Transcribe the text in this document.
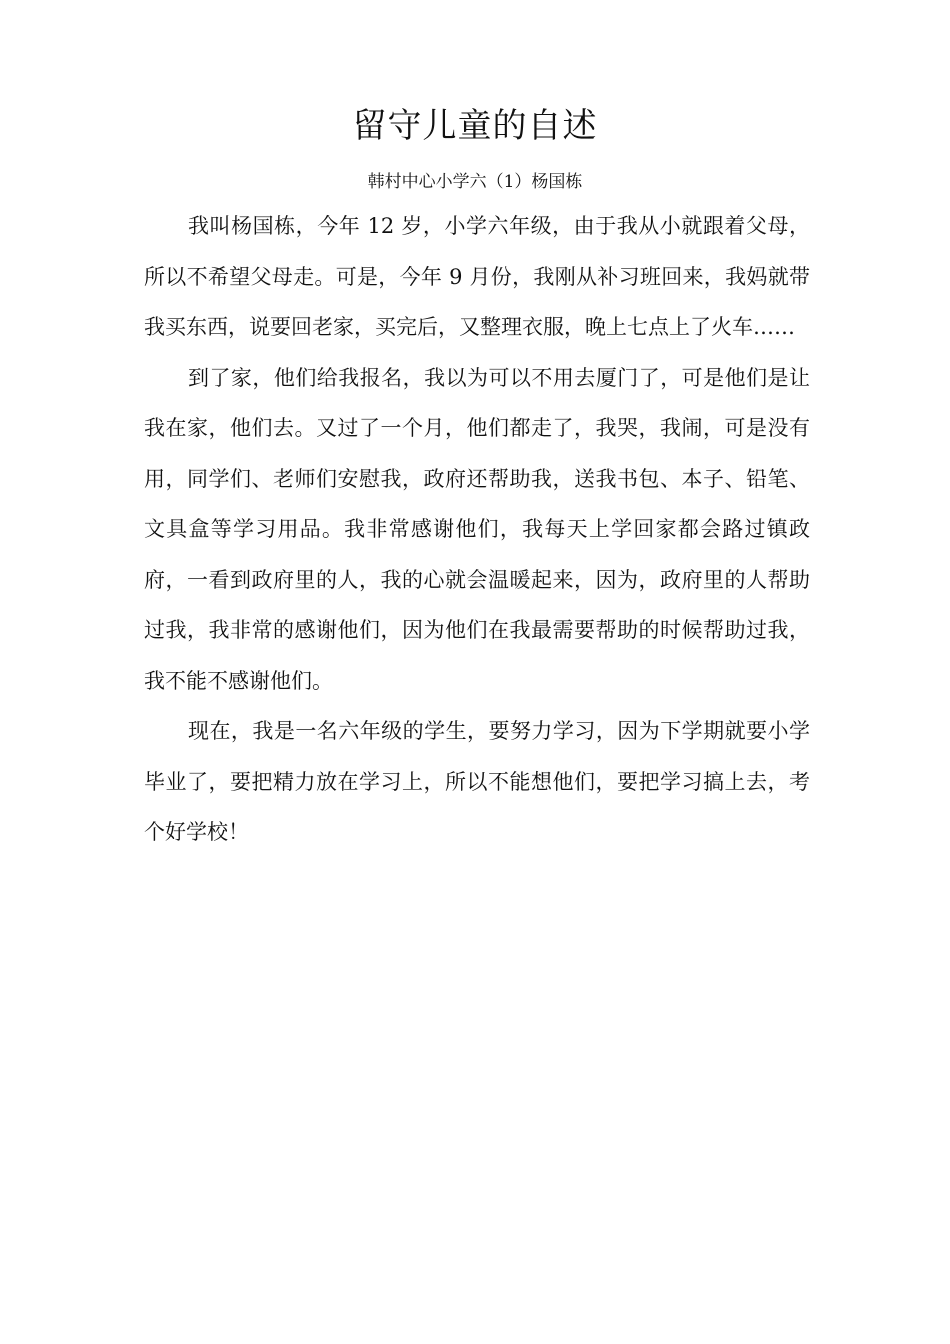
留守儿童的自述
韩村中心小学六（1）杨国栋

我叫杨国栋，今年 12 岁，小学六年级，由于我从小就跟着父母，所以不希望父母走。可是，今年 9 月份，我刚从补习班回来，我妈就带我买东西，说要回老家，买完后，又整理衣服，晚上七点上了火车……

到了家，他们给我报名，我以为可以不用去厦门了，可是他们是让我在家，他们去。又过了一个月，他们都走了，我哭，我闹，可是没有用，同学们、老师们安慰我，政府还帮助我，送我书包、本子、铅笔、文具盒等学习用品。我非常感谢他们，我每天上学回家都会路过镇政府，一看到政府里的人，我的心就会温暖起来，因为，政府里的人帮助过我，我非常的感谢他们，因为他们在我最需要帮助的时候帮助过我，我不能不感谢他们。

现在，我是一名六年级的学生，要努力学习，因为下学期就要小学毕业了，要把精力放在学习上，所以不能想他们，要把学习搞上去，考个好学校！
